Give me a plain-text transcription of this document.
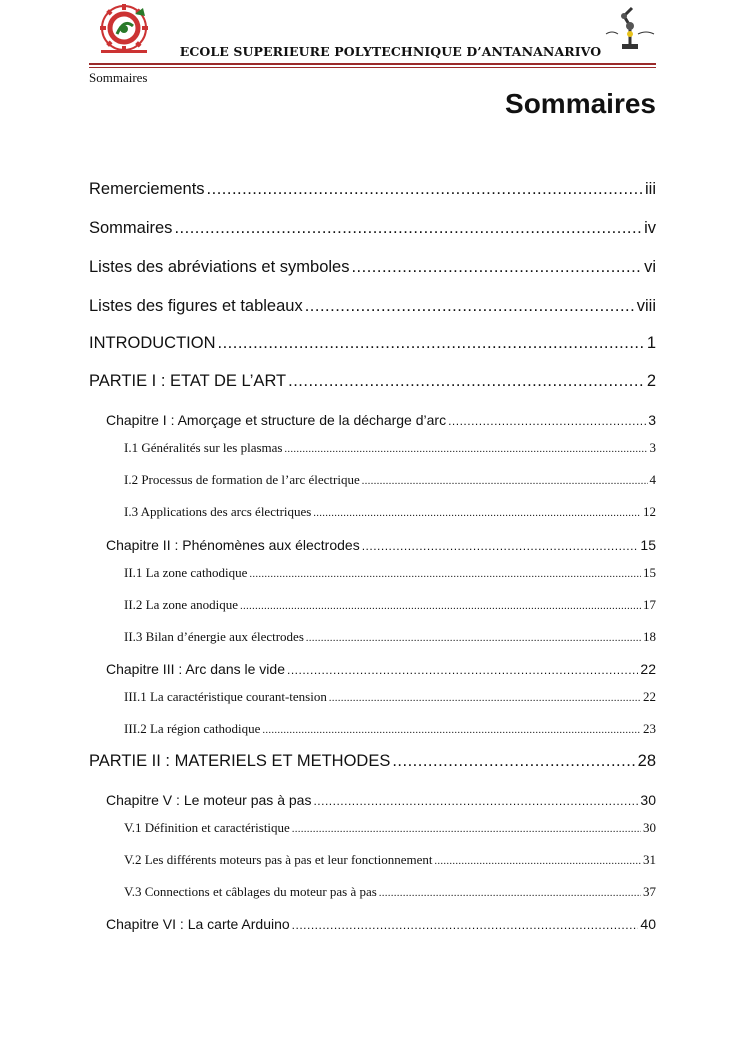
ECOLE SUPERIEURE POLYTECHNIQUE D’ANTANANARIVO
Sommaires
Sommaires
Remerciements .....	iii
Sommaires .....	iv
Listes des abréviations et symboles .....	vi
Listes des figures et tableaux .....	viii
INTRODUCTION .....	1
PARTIE I : ETAT DE L’ART .....	2
Chapitre I : Amorçage et structure de la décharge d’arc .....	3
I.1 Généralités sur les plasmas .....	3
I.2 Processus de formation de l’arc électrique .....	4
I.3 Applications des arcs électriques .....	12
Chapitre II : Phénomènes aux électrodes .....	15
II.1 La zone cathodique .....	15
II.2 La zone anodique .....	17
II.3 Bilan d’énergie aux électrodes .....	18
Chapitre III : Arc dans le vide .....	22
III.1 La caractéristique courant-tension .....	22
III.2 La région cathodique .....	23
PARTIE II : MATERIELS ET METHODES .....	28
Chapitre V : Le moteur pas à pas .....	30
V.1 Définition et caractéristique .....	30
V.2 Les différents moteurs pas à pas et leur fonctionnement .....	31
V.3 Connections et câblages du moteur pas à pas .....	37
Chapitre VI : La carte Arduino .....	40
